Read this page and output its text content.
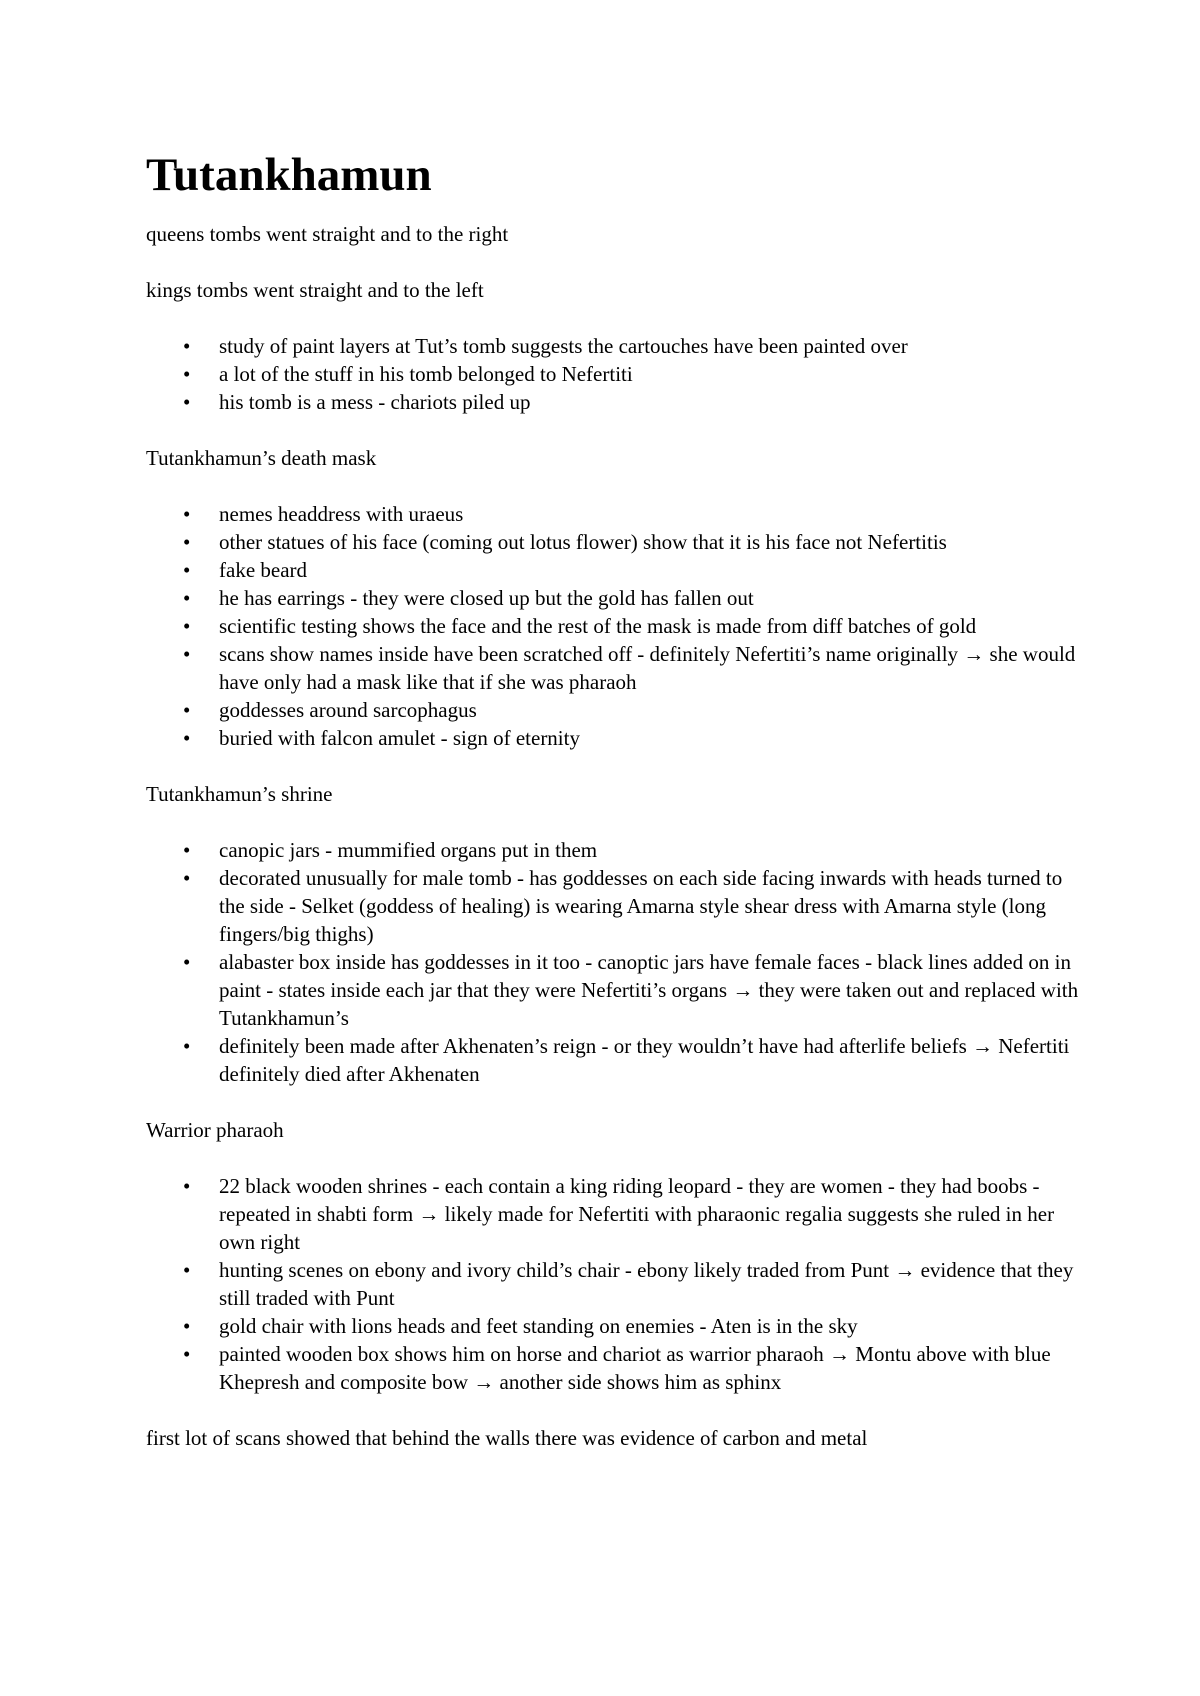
Tutankhamun

queens tombs went straight and to the right

kings tombs went straight and to the left

• study of paint layers at Tut’s tomb suggests the cartouches have been painted over
• a lot of the stuff in his tomb belonged to Nefertiti
• his tomb is a mess - chariots piled up

Tutankhamun’s death mask

• nemes headdress with uraeus
• other statues of his face (coming out lotus flower) show that it is his face not Nefertitis
• fake beard
• he has earrings - they were closed up but the gold has fallen out
• scientific testing shows the face and the rest of the mask is made from diff batches of gold
• scans show names inside have been scratched off - definitely Nefertiti’s name originally → she would have only had a mask like that if she was pharaoh
• goddesses around sarcophagus
• buried with falcon amulet - sign of eternity

Tutankhamun’s shrine

• canopic jars - mummified organs put in them
• decorated unusually for male tomb - has goddesses on each side facing inwards with heads turned to the side - Selket (goddess of healing) is wearing Amarna style shear dress with Amarna style (long fingers/big thighs)
• alabaster box inside has goddesses in it too - canoptic jars have female faces - black lines added on in paint - states inside each jar that they were Nefertiti’s organs → they were taken out and replaced with Tutankhamun’s
• definitely been made after Akhenaten’s reign - or they wouldn’t have had afterlife beliefs → Nefertiti definitely died after Akhenaten

Warrior pharaoh

• 22 black wooden shrines - each contain a king riding leopard - they are women - they had boobs - repeated in shabti form → likely made for Nefertiti with pharaonic regalia suggests she ruled in her own right
• hunting scenes on ebony and ivory child’s chair - ebony likely traded from Punt → evidence that they still traded with Punt
• gold chair with lions heads and feet standing on enemies - Aten is in the sky
• painted wooden box shows him on horse and chariot as warrior pharaoh → Montu above with blue Khepresh and composite bow → another side shows him as sphinx

first lot of scans showed that behind the walls there was evidence of carbon and metal
